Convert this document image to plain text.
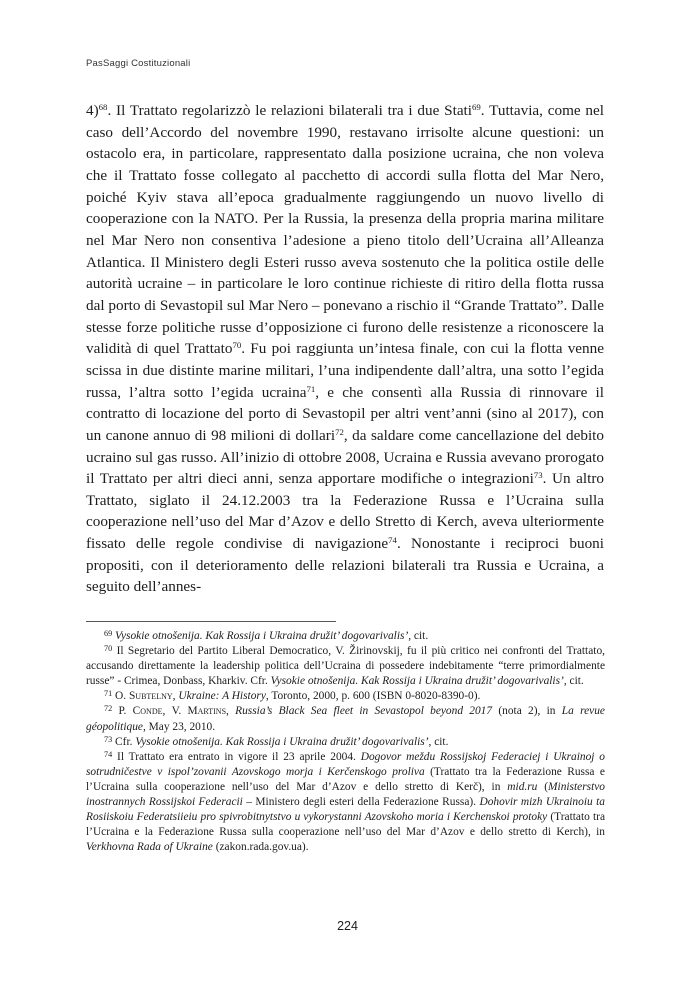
PasSaggi Costituzionali

4)$^{68}$. Il Trattato regolarizzò le relazioni bilaterali tra i due Stati$^{69}$. Tuttavia, come nel caso dell’Accordo del novembre 1990, restavano irrisolte alcune questioni: un ostacolo era, in particolare, rappresentato dalla posizione ucraina, che non voleva che il Trattato fosse collegato al pacchetto di accordi sulla flotta del Mar Nero, poiché Kyiv stava all’epoca gradualmente raggiungendo un nuovo livello di cooperazione con la NATO. Per la Russia, la presenza della propria marina militare nel Mar Nero non consentiva l’adesione a pieno titolo dell’Ucraina all’Alleanza Atlantica. Il Ministero degli Esteri russo aveva sostenuto che la politica ostile delle autorità ucraine – in particolare le loro continue richieste di ritiro della flotta russa dal porto di Sevastopil sul Mar Nero – ponevano a rischio il “Grande Trattato”. Dalle stesse forze politiche russe d’opposizione ci furono delle resistenze a riconoscere la validità di quel Trattato$^{70}$. Fu poi raggiunta un’intesa finale, con cui la flotta venne scissa in due distinte marine militari, l’una indipendente dall’altra, una sotto l’egida russa, l’altra sotto l’egida ucraina$^{71}$, e che consentì alla Russia di rinnovare il contratto di locazione del porto di Sevastopil per altri vent’anni (sino al 2017), con un canone annuo di 98 milioni di dollari$^{72}$, da saldare come cancellazione del debito ucraino sul gas russo. All’inizio di ottobre 2008, Ucraina e Russia avevano prorogato il Trattato per altri dieci anni, senza apportare modifiche o integrazioni$^{73}$. Un altro Trattato, siglato il 24.12.2003 tra la Federazione Russa e l’Ucraina sulla cooperazione nell’uso del Mar d’Azov e dello Stretto di Kerch, aveva ulteriormente fissato delle regole condivise di navigazione$^{74}$. Nonostante i reciproci buoni propositi, con il deterioramento delle relazioni bilaterali tra Russia e Ucraina, a seguito dell’annes-

$^{69}$ Vysokie otnošenija. Kak Rossija i Ukraina družit’ dogovarivalis’, cit.

$^{70}$ Il Segretario del Partito Liberal Democratico, V. Žirinovskij, fu il più critico nei confronti del Trattato, accusando direttamente la leadership politica dell’Ucraina di possedere indebitamente “terre primordialmente russe” - Crimea, Donbass, Kharkiv. Cfr. Vysokie otnošenija. Kak Rossija i Ukraina družit’ dogovarivalis’, cit.

$^{71}$ O. Subtelny, Ukraine: A History, Toronto, 2000, p. 600 (ISBN 0-8020-8390-0).

$^{72}$ P. Conde, V. Martins, Russia’s Black Sea fleet in Sevastopol beyond 2017 (nota 2), in La revue géopolitique, May 23, 2010.

$^{73}$ Cfr. Vysokie otnošenija. Kak Rossija i Ukraina družit’ dogovarivalis’, cit.

$^{74}$ Il Trattato era entrato in vigore il 23 aprile 2004. Dogovor meždu Rossijskoj Federaciej i Ukrainoj o sotrudničestve v ispol’zovanii Azovskogo morja i Kerčenskogo proliva (Trattato tra la Federazione Russa e l’Ucraina sulla cooperazione nell’uso del Mar d’Azov e dello stretto di Kerč), in mid.ru (Ministerstvo inostrannych Rossijskoi Federacii – Ministero degli esteri della Federazione Russa). Dohovir mizh Ukrainoiu ta Rosiiskoiu Federatsiieiu pro spivrobitnytstvo u vykorystanni Azovskoho moria i Kerchenskoi protoky (Trattato tra l’Ucraina e la Federazione Russa sulla cooperazione nell’uso del Mar d’Azov e dello stretto di Kerch), in Verkhovna Rada of Ukraine (zakon.rada.gov.ua).

224
